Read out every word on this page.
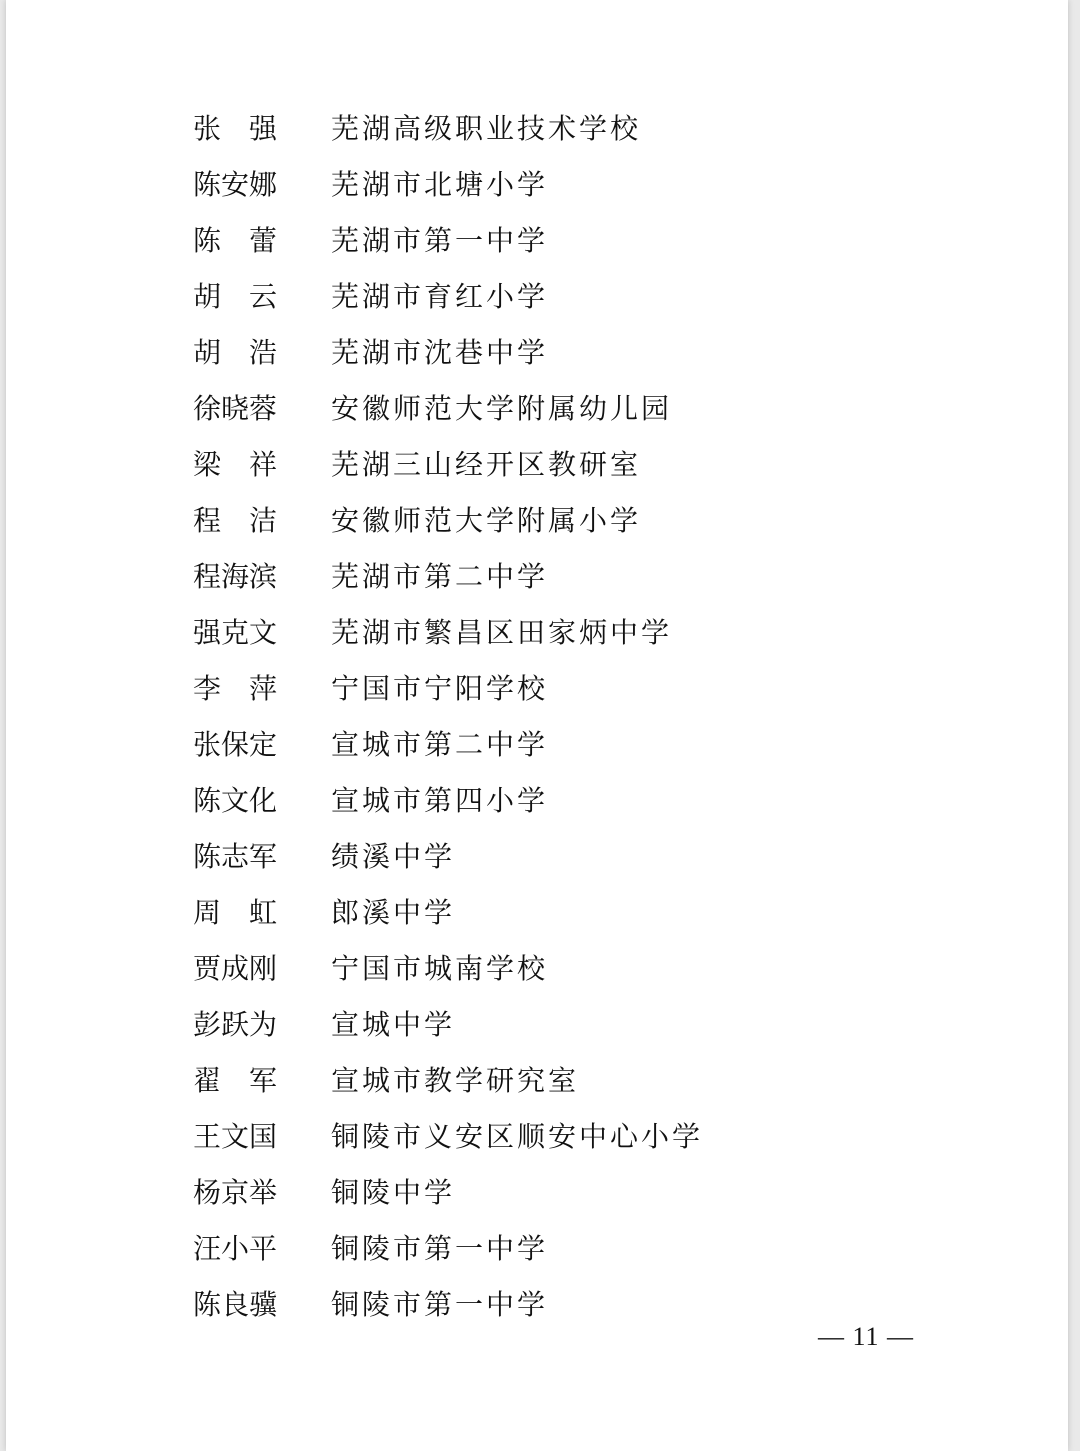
张 强 芜湖高级职业技术学校
陈 安 娜 芜湖市北塘小学
陈 蕾 芜湖市第一中学
胡 云 芜湖市育红小学
胡 浩 芜湖市沈巷中学
徐 晓 蓉 安徽师范大学附属幼儿园
梁 祥 芜湖三山经开区教研室
程 洁 安徽师范大学附属小学
程 海 滨 芜湖市第二中学
强 克 文 芜湖市繁昌区田家炳中学
李 萍 宁国市宁阳学校
张 保 定 宣城市第二中学
陈 文 化 宣城市第四小学
陈 志 军 绩溪中学
周 虹 郎溪中学
贾 成 刚 宁国市城南学校
彭 跃 为 宣城中学
翟 军 宣城市教学研究室
王 文 国 铜陵市义安区顺安中心小学
杨 京 举 铜陵中学
汪 小 平 铜陵市第一中学
陈 良 骥 铜陵市第一中学
— 11 —
